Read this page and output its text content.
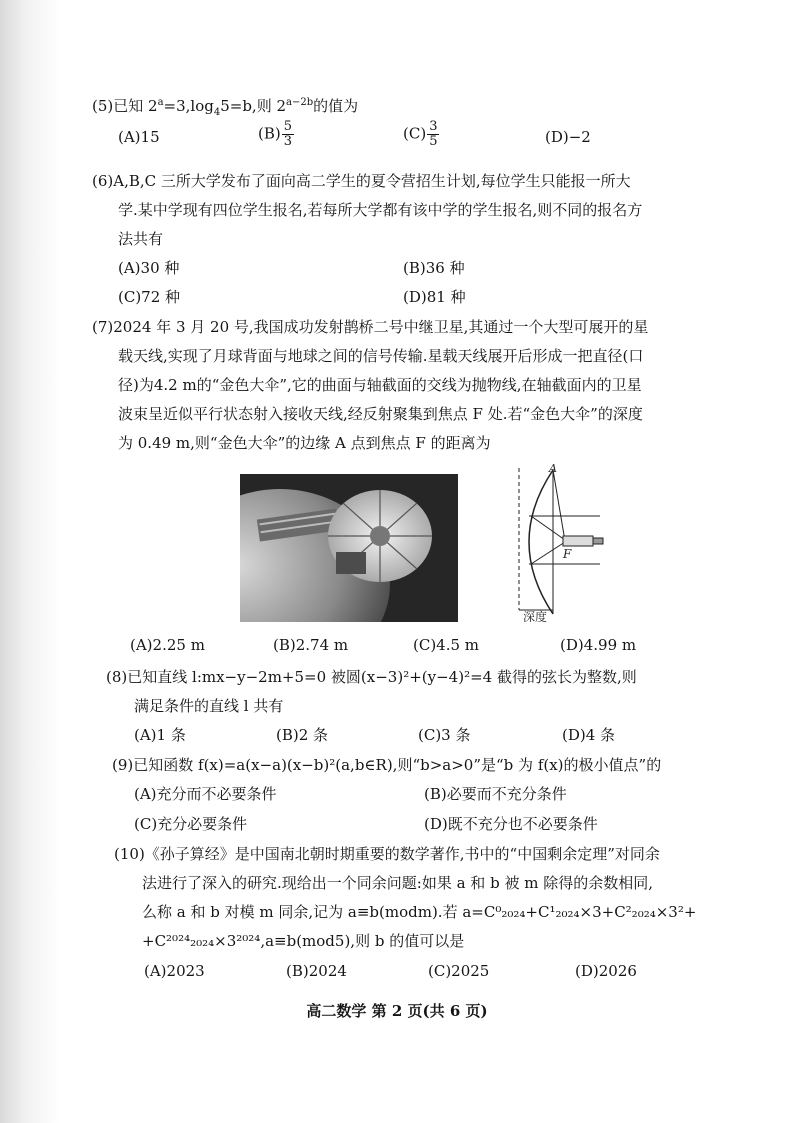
(5)已知 $2^a=3,\log_45=b$,则 $2^{a-2b}$的值为
(A)15	$(B) \frac{5}{3}$	$(C) \frac{3}{5}$	(D)−2
(6)A,B,C 三所大学发布了面向高二学生的夏令营招生计划,每位学生只能报一所大
学.某中学现有四位学生报名,若每所大学都有该中学的学生报名,则不同的报名方
法共有
(A)30 种	(B)36 种
(C)72 种	(D)81 种
(7)2024 年 3 月 20 号,我国成功发射鹊桥二号中继卫星,其通过一个大型可展开的星
载天线,实现了月球背面与地球之间的信号传输.星载天线展开后形成一把直径(口
径)为4.2 m的“金色大伞”,它的曲面与轴截面的交线为抛物线,在轴截面内的卫星
波束呈近似平行状态射入接收天线,经反射聚集到焦点 F 处.若“金色大伞”的深度
为 0.49 m,则“金色大伞”的边缘 A 点到焦点 F 的距离为
A
F
深度
(A)2.25 m	(B)2.74 m	(C)4.5 m	(D)4.99 m
(8)已知直线 l:mx−y−2m+5=0 被圆(x−3)²+(y−4)²=4 截得的弦长为整数,则
满足条件的直线 l 共有
(A)1 条	(B)2 条	(C)3 条	(D)4 条
(9)已知函数 f(x)=a(x−a)(x−b)²(a,b∈R),则“b>a>0”是“b 为 f(x)的极小值点”的
(A)充分而不必要条件	(B)必要而不充分条件
(C)充分必要条件	(D)既不充分也不必要条件
(10)《孙子算经》是中国南北朝时期重要的数学著作,书中的“中国剩余定理”对同余
法进行了深入的研究.现给出一个同余问题:如果 a 和 b 被 m 除得的余数相同,
么称 a 和 b 对模 m 同余,记为 a≡b(modm).若 a=C⁰₂₀₂₄+C¹₂₀₂₄×3+C²₂₀₂₄×3²+
+C²⁰²⁴₂₀₂₄×3²⁰²⁴,a≡b(mod5),则 b 的值可以是
(A)2023	(B)2024	(C)2025	(D)2026
高二数学 第 2 页(共 6 页)
